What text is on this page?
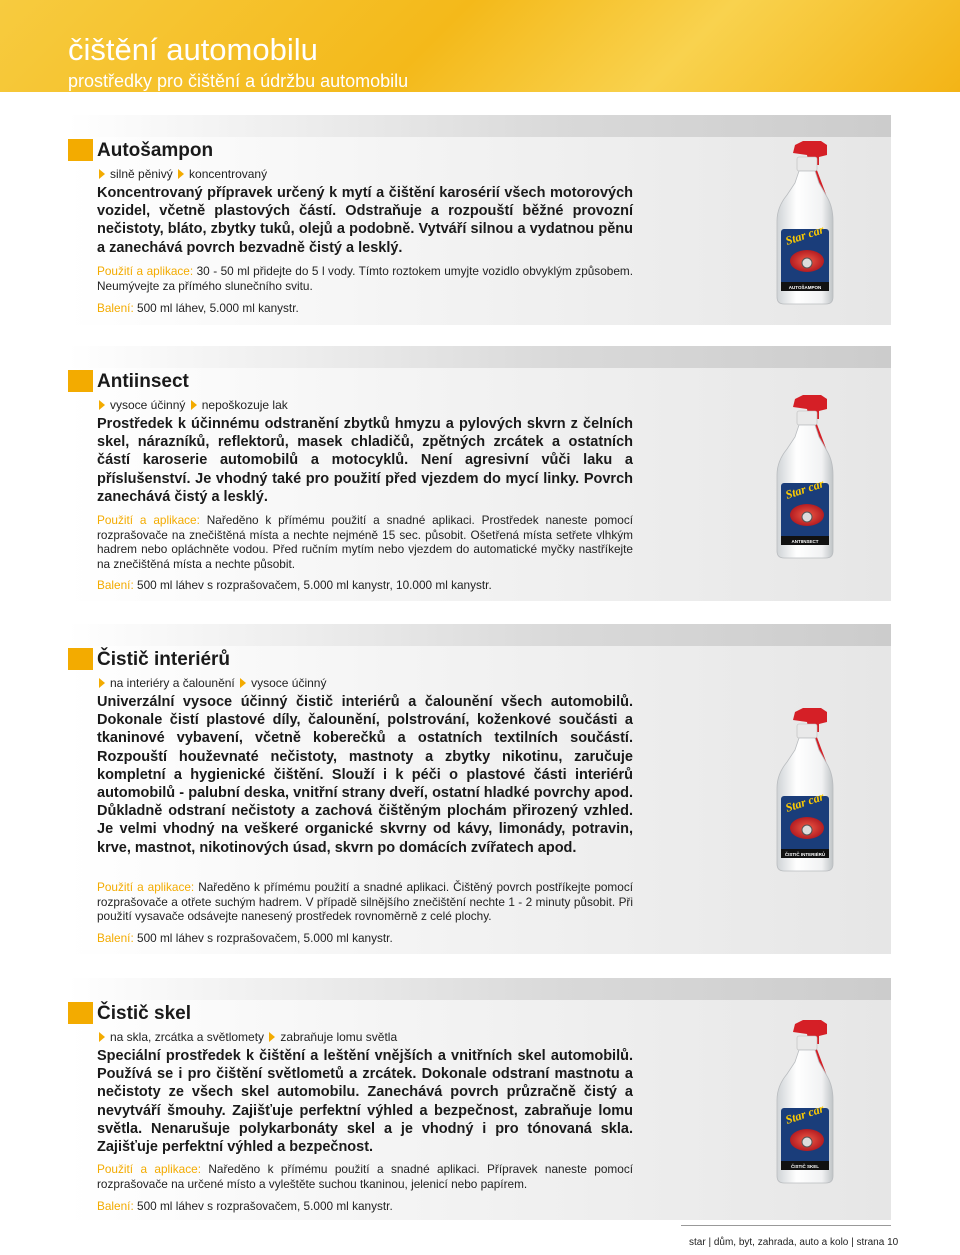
čištění automobilu
prostředky pro čištění a údržbu automobilu
Autošampon
silně pěnivý koncentrovaný
Koncentrovaný přípravek určený k mytí a čištění karosérií všech motorových vozidel, včetně plastových částí. Odstraňuje a rozpouští běžné provozní nečistoty, bláto, zbytky tuků, olejů a podobně. Vytváří silnou a vydatnou pěnu a zanechává povrch bezvadně čistý a lesklý.
Použití a aplikace: 30 - 50 ml přidejte do 5 l vody. Tímto roztokem umyjte vozidlo obvyklým způsobem. Neumývejte za přímého slunečního svitu.
Balení: 500 ml láhev, 5.000 ml kanystr.
Star car
AUTOŠAMPON
Antiinsect
vysoce účinný nepoškozuje lak
Prostředek k účinnému odstranění zbytků hmyzu a pylových skvrn z čelních skel, nárazníků, reflektorů, masek chladičů, zpětných zrcátek a ostatních částí karoserie automobilů a motocyklů. Není agresivní vůči laku a příslušenství. Je vhodný také pro použití před vjezdem do mycí linky. Povrch zanechává čistý a lesklý.
Použití a aplikace: Naředěno k přímému použití a snadné aplikaci. Prostředek naneste pomocí rozprašovače na znečištěná místa a nechte nejméně 15 sec. působit. Ošetřená místa setřete vlhkým hadrem nebo opláchněte vodou. Před ručním mytím nebo vjezdem do automatické myčky nastříkejte na znečištěná místa a nechte působit.
Balení: 500 ml láhev s rozprašovačem, 5.000 ml kanystr, 10.000 ml kanystr.
Star car
ANTIINSECT
Čistič interiérů
na interiéry a čalounění vysoce účinný
Univerzální vysoce účinný čistič interiérů a čalounění všech automobilů. Dokonale čistí plastové díly, čalounění, polstrování, koženkové součásti a tkaninové vybavení, včetně koberečků a ostatních textilních součástí. Rozpouští houževnaté nečistoty, mastnoty a zbytky nikotinu, zaručuje kompletní a hygienické čištění. Slouží i k péči o plastové části interiérů automobilů - palubní deska, vnitřní strany dveří, ostatní hladké povrchy apod. Důkladně odstraní nečistoty a zachová čištěným plochám přirozený vzhled. Je velmi vhodný na veškeré organické skvrny od kávy, limonády, potravin, krve, mastnot, nikotinových úsad, skvrn po domácích zvířatech apod.
Použití a aplikace: Naředěno k přímému použití a snadné aplikaci. Čištěný povrch postříkejte pomocí rozprašovače a otřete suchým hadrem. V případě silnějšího znečištění nechte 1 - 2 minuty působit. Při použití vysavače odsávejte nanesený prostředek rovnoměrně z celé plochy.
Balení: 500 ml láhev s rozprašovačem, 5.000 ml kanystr.
Star car
ČISTIČ INTERIÉRŮ
Čistič skel
na skla, zrcátka a světlomety zabraňuje lomu světla
Speciální prostředek k čištění a leštění vnějších a vnitřních skel automobilů. Používá se i pro čištění světlometů a zrcátek. Dokonale odstraní mastnotu a nečistoty ze všech skel automobilu. Zanechává povrch průzračně čistý a nevytváří šmouhy. Zajišťuje perfektní výhled a bezpečnost, zabraňuje lomu světla. Nenarušuje polykarbonáty skel a je vhodný i pro tónovaná skla. Zajišťuje perfektní výhled a bezpečnost.
Použití a aplikace: Naředěno k přímému použití a snadné aplikaci. Přípravek naneste pomocí rozprašovače na určené místo a vyleštěte suchou tkaninou, jelenicí nebo papírem.
Balení: 500 ml láhev s rozprašovačem, 5.000 ml kanystr.
Star car
ČISTIČ SKEL
star | dům, byt, zahrada, auto a kolo | strana 10
